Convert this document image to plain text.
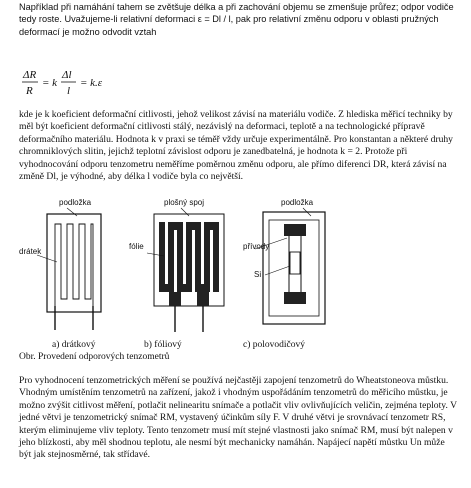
Například při namáhání tahem se zvětšuje délka a při zachování objemu se zmenšuje průřez; odpor vodiče tedy roste. Uvažujeme-li relativní deformaci ε = Dl / l, pak pro relativní změnu odporu v oblasti pružných deformací je možno odvodit vztah

ΔR
R
= k
Δl
l
= k.ε

kde je k koeficient deformační citlivosti, jehož velikost závisí na materiálu vodiče. Z hlediska měřicí techniky by měl být koeficient deformační citlivosti stálý, nezávislý na deformaci, teplotě a na technologické přípravě deformačního materiálu. Hodnota k v praxi se téměř vždy určuje experimentálně. Pro konstantan a některé druhy chromniklových slitin, jejichž teplotní závislost odporu je zanedbatelná, je hodnota k = 2. Protože při vyhodnocování odporu tenzometru neměříme poměrnou změnu odporu, ale přímo diferenci DR, která závisí na změně Dl, je výhodné, aby délka l vodiče byla co největší.

podložka
drátek
plošný spoj
fólie
podložka
přívody
Si
a) drátkový	b) fóliový	c) polovodičový
Obr. Provedení odporových tenzometrů

Pro vyhodnocení tenzometrických měření se používá nejčastěji zapojení tenzometrů do Wheatstoneova můstku. Vhodným umístěním tenzometrů na zařízení, jakož i vhodným uspořádáním tenzometrů do měřicího můstku, je možno zvýšit citlivost měření, potlačit nelinearitu snímače a potlačit vliv ovlivňujících veličin, zejména teploty. V jedné větvi je tenzometrický snímač RM, vystavený účinkům síly F. V druhé větvi je srovnávací tenzometr RS, kterým eliminujeme vliv teploty. Tento tenzometr musí mít stejné vlastnosti jako snímač RM, musí být nalepen v jeho blízkosti, aby měl shodnou teplotu, ale nesmí být mechanicky namáhán. Napájecí napětí můstku Un může být jak stejnosměrné, tak střídavé.
